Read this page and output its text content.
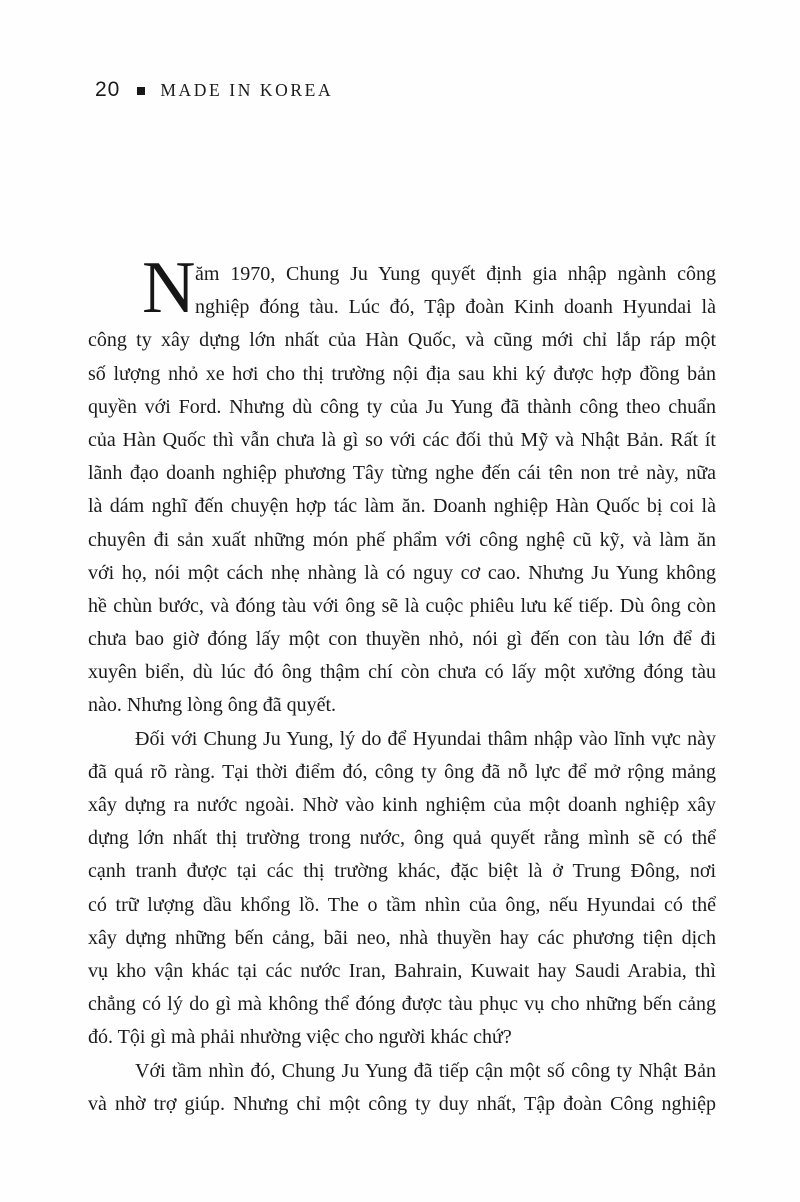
20 MADE IN KOREA
N ăm 1970, Chung Ju Yung quyết định gia nhập ngành công
nghiệp đóng tàu. Lúc đó, Tập đoàn Kinh doanh Hyundai là
công ty xây dựng lớn nhất của Hàn Quốc, và cũng mới chỉ lắp ráp một
số lượng nhỏ xe hơi cho thị trường nội địa sau khi ký được hợp đồng bản
quyền với Ford. Nhưng dù công ty của Ju Yung đã thành công theo chuẩn
của Hàn Quốc thì vẫn chưa là gì so với các đối thủ Mỹ và Nhật Bản. Rất ít
lãnh đạo doanh nghiệp phương Tây từng nghe đến cái tên non trẻ này, nữa
là dám nghĩ đến chuyện hợp tác làm ăn. Doanh nghiệp Hàn Quốc bị coi là
chuyên đi sản xuất những món phế phẩm với công nghệ cũ kỹ, và làm ăn
với họ, nói một cách nhẹ nhàng là có nguy cơ cao. Nhưng Ju Yung không
hề chùn bước, và đóng tàu với ông sẽ là cuộc phiêu lưu kế tiếp. Dù ông còn
chưa bao giờ đóng lấy một con thuyền nhỏ, nói gì đến con tàu lớn để đi
xuyên biển, dù lúc đó ông thậm chí còn chưa có lấy một xưởng đóng tàu
nào. Nhưng lòng ông đã quyết.
Đối với Chung Ju Yung, lý do để Hyundai thâm nhập vào lĩnh vực này
đã quá rõ ràng. Tại thời điểm đó, công ty ông đã nỗ lực để mở rộng mảng
xây dựng ra nước ngoài. Nhờ vào kinh nghiệm của một doanh nghiệp xây
dựng lớn nhất thị trường trong nước, ông quả quyết rằng mình sẽ có thể
cạnh tranh được tại các thị trường khác, đặc biệt là ở Trung Đông, nơi
có trữ lượng dầu khổng lồ. The o tầm nhìn của ông, nếu Hyundai có thể
xây dựng những bến cảng, bãi neo, nhà thuyền hay các phương tiện dịch
vụ kho vận khác tại các nước Iran, Bahrain, Kuwait hay Saudi Arabia, thì
chẳng có lý do gì mà không thể đóng được tàu phục vụ cho những bến cảng
đó. Tội gì mà phải nhường việc cho người khác chứ?
Với tầm nhìn đó, Chung Ju Yung đã tiếp cận một số công ty Nhật Bản
và nhờ trợ giúp. Nhưng chỉ một công ty duy nhất, Tập đoàn Công nghiệp
